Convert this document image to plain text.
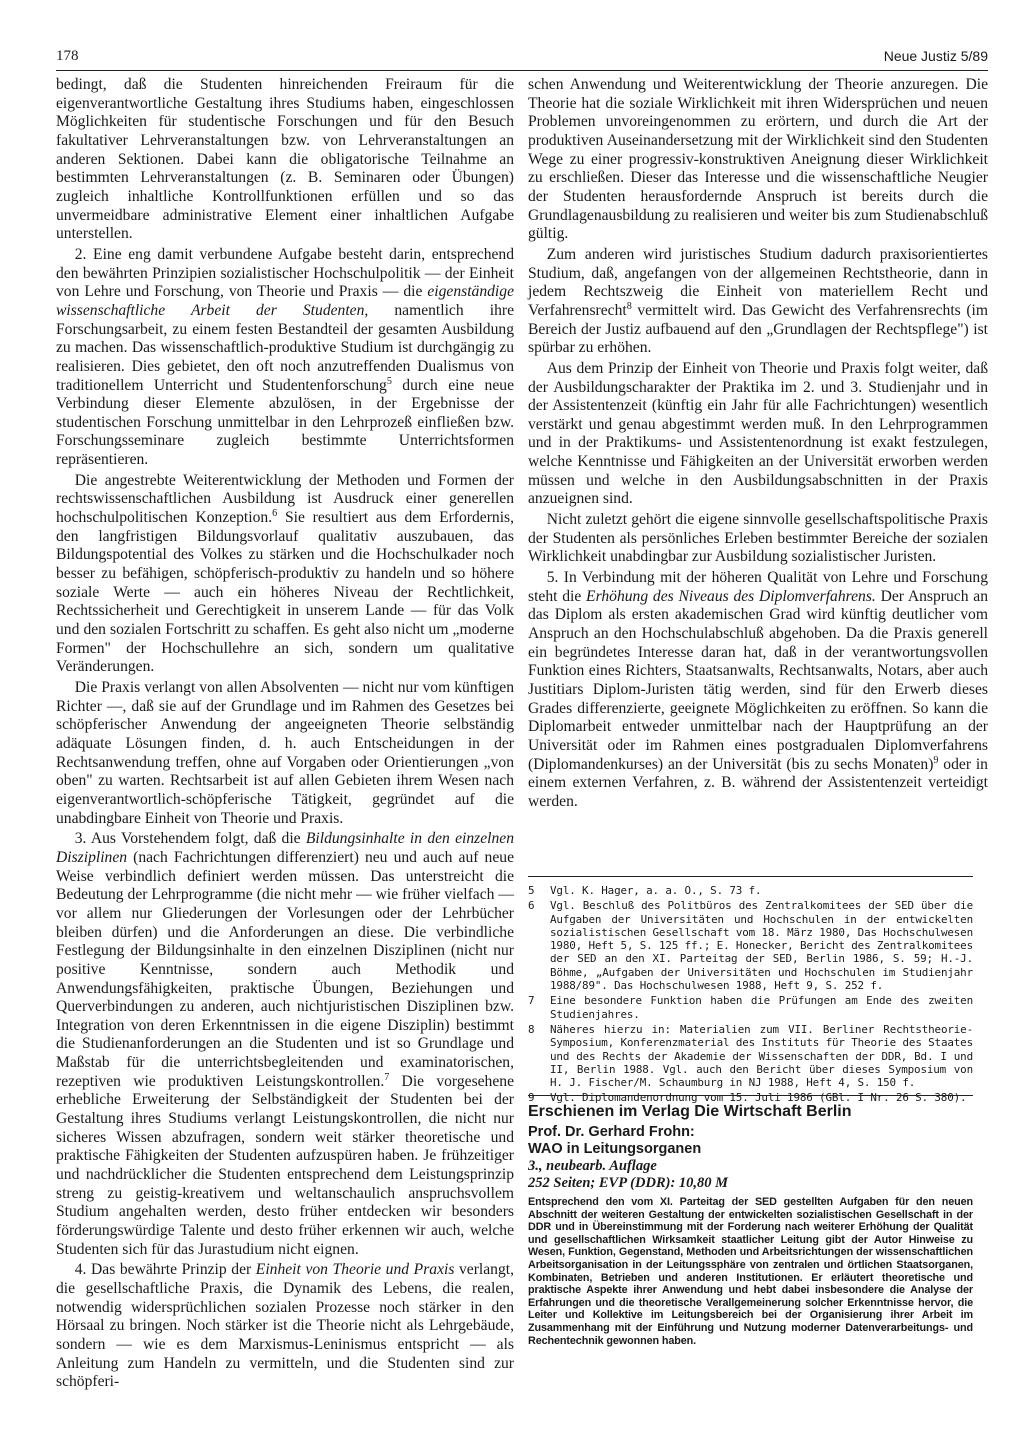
178	Neue Justiz 5/89

bedingt, daß die Studenten hinreichenden Freiraum für die eigenverantwortliche Gestaltung ihres Studiums haben, eingeschlossen Möglichkeiten für studentische Forschungen und für den Besuch fakultativer Lehrveranstaltungen bzw. von Lehrveranstaltungen an anderen Sektionen. Dabei kann die obligatorische Teilnahme an bestimmten Lehrveranstaltungen (z. B. Seminaren oder Übungen) zugleich inhaltliche Kontrollfunktionen erfüllen und so das unvermeidbare administrative Element einer inhaltlichen Aufgabe unterstellen.

2. Eine eng damit verbundene Aufgabe besteht darin, entsprechend den bewährten Prinzipien sozialistischer Hochschulpolitik — der Einheit von Lehre und Forschung, von Theorie und Praxis — die eigenständige wissenschaftliche Arbeit der Studenten, namentlich ihre Forschungsarbeit, zu einem festen Bestandteil der gesamten Ausbildung zu machen. Das wissenschaftlich-produktive Studium ist durchgängig zu realisieren. Dies gebietet, den oft noch anzutreffenden Dualismus von traditionellem Unterricht und Studentenforschung$^5$ durch eine neue Verbindung dieser Elemente abzulösen, in der Ergebnisse der studentischen Forschung unmittelbar in den Lehrprozeß einfließen bzw. Forschungsseminare zugleich bestimmte Unterrichtsformen repräsentieren.

Die angestrebte Weiterentwicklung der Methoden und Formen der rechtswissenschaftlichen Ausbildung ist Ausdruck einer generellen hochschulpolitischen Konzeption.$^6$ Sie resultiert aus dem Erfordernis, den langfristigen Bildungsvorlauf qualitativ auszubauen, das Bildungspotential des Volkes zu stärken und die Hochschulkader noch besser zu befähigen, schöpferisch-produktiv zu handeln und so höhere soziale Werte — auch ein höheres Niveau der Rechtlichkeit, Rechtssicherheit und Gerechtigkeit in unserem Lande — für das Volk und den sozialen Fortschritt zu schaffen. Es geht also nicht um „moderne Formen" der Hochschullehre an sich, sondern um qualitative Veränderungen.

Die Praxis verlangt von allen Absolventen — nicht nur vom künftigen Richter —, daß sie auf der Grundlage und im Rahmen des Gesetzes bei schöpferischer Anwendung der angeeigneten Theorie selbständig adäquate Lösungen finden, d. h. auch Entscheidungen in der Rechtsanwendung treffen, ohne auf Vorgaben oder Orientierungen „von oben" zu warten. Rechtsarbeit ist auf allen Gebieten ihrem Wesen nach eigenverantwortlich-schöpferische Tätigkeit, gegründet auf die unabdingbare Einheit von Theorie und Praxis.

3. Aus Vorstehendem folgt, daß die Bildungsinhalte in den einzelnen Disziplinen (nach Fachrichtungen differenziert) neu und auch auf neue Weise verbindlich definiert werden müssen. Das unterstreicht die Bedeutung der Lehrprogramme (die nicht mehr — wie früher vielfach — vor allem nur Gliederungen der Vorlesungen oder der Lehrbücher bleiben dürfen) und die Anforderungen an diese. Die verbindliche Festlegung der Bildungsinhalte in den einzelnen Disziplinen (nicht nur positive Kenntnisse, sondern auch Methodik und Anwendungsfähigkeiten, praktische Übungen, Beziehungen und Querverbindungen zu anderen, auch nichtjuristischen Disziplinen bzw. Integration von deren Erkenntnissen in die eigene Disziplin) bestimmt die Studienanforderungen an die Studenten und ist so Grundlage und Maßstab für die unterrichtsbegleitenden und examinatorischen, rezeptiven wie produktiven Leistungskontrollen.$^7$ Die vorgesehene erhebliche Erweiterung der Selbständigkeit der Studenten bei der Gestaltung ihres Studiums verlangt Leistungskontrollen, die nicht nur sicheres Wissen abzufragen, sondern weit stärker theoretische und praktische Fähigkeiten der Studenten aufzuspüren haben. Je frühzeitiger und nachdrücklicher die Studenten entsprechend dem Leistungsprinzip streng zu geistig-kreativem und weltanschaulich anspruchsvollem Studium angehalten werden, desto früher entdecken wir besonders förderungswürdige Talente und desto früher erkennen wir auch, welche Studenten sich für das Jurastudium nicht eignen.

4. Das bewährte Prinzip der Einheit von Theorie und Praxis verlangt, die gesellschaftliche Praxis, die Dynamik des Lebens, die realen, notwendig widersprüchlichen sozialen Prozesse noch stärker in den Hörsaal zu bringen. Noch stärker ist die Theorie nicht als Lehrgebäude, sondern — wie es dem Marxismus-Leninismus entspricht — als Anleitung zum Handeln zu vermitteln, und die Studenten sind zur schöpferi-

schen Anwendung und Weiterentwicklung der Theorie anzuregen. Die Theorie hat die soziale Wirklichkeit mit ihren Widersprüchen und neuen Problemen unvoreingenommen zu erörtern, und durch die Art der produktiven Auseinandersetzung mit der Wirklichkeit sind den Studenten Wege zu einer progressiv-konstruktiven Aneignung dieser Wirklichkeit zu erschließen. Dieser das Interesse und die wissenschaftliche Neugier der Studenten herausfordernde Anspruch ist bereits durch die Grundlagenausbildung zu realisieren und weiter bis zum Studienabschluß gültig.

Zum anderen wird juristisches Studium dadurch praxisorientiertes Studium, daß, angefangen von der allgemeinen Rechtstheorie, dann in jedem Rechtszweig die Einheit von materiellem Recht und Verfahrensrecht$^8$ vermittelt wird. Das Gewicht des Verfahrensrechts (im Bereich der Justiz aufbauend auf den „Grundlagen der Rechtspflege") ist spürbar zu erhöhen.

Aus dem Prinzip der Einheit von Theorie und Praxis folgt weiter, daß der Ausbildungscharakter der Praktika im 2. und 3. Studienjahr und in der Assistentenzeit (künftig ein Jahr für alle Fachrichtungen) wesentlich verstärkt und genau abgestimmt werden muß. In den Lehrprogrammen und in der Praktikums- und Assistentenordnung ist exakt festzulegen, welche Kenntnisse und Fähigkeiten an der Universität erworben werden müssen und welche in den Ausbildungsabschnitten in der Praxis anzueignen sind.

Nicht zuletzt gehört die eigene sinnvolle gesellschaftspolitische Praxis der Studenten als persönliches Erleben bestimmter Bereiche der sozialen Wirklichkeit unabdingbar zur Ausbildung sozialistischer Juristen.

5. In Verbindung mit der höheren Qualität von Lehre und Forschung steht die Erhöhung des Niveaus des Diplomverfahrens. Der Anspruch an das Diplom als ersten akademischen Grad wird künftig deutlicher vom Anspruch an den Hochschulabschluß abgehoben. Da die Praxis generell ein begründetes Interesse daran hat, daß in der verantwortungsvollen Funktion eines Richters, Staatsanwalts, Rechtsanwalts, Notars, aber auch Justitiars Diplom-Juristen tätig werden, sind für den Erwerb dieses Grades differenzierte, geeignete Möglichkeiten zu eröffnen. So kann die Diplomarbeit entweder unmittelbar nach der Hauptprüfung an der Universität oder im Rahmen eines postgradualen Diplomverfahrens (Diplomandenkurses) an der Universität (bis zu sechs Monaten)$^9$ oder in einem externen Verfahren, z. B. während der Assistentenzeit verteidigt werden.

5	Vgl. K. Hager, a. a. O., S. 73 f.
6	Vgl. Beschluß des Politbüros des Zentralkomitees der SED über die Aufgaben der Universitäten und Hochschulen in der entwickelten sozialistischen Gesellschaft vom 18. März 1980, Das Hochschulwesen 1980, Heft 5, S. 125 ff.; E. Honecker, Bericht des Zentralkomitees der SED an den XI. Parteitag der SED, Berlin 1986, S. 59; H.-J. Böhme, „Aufgaben der Universitäten und Hochschulen im Studienjahr 1988/89". Das Hochschulwesen 1988, Heft 9, S. 252 f.
7	Eine besondere Funktion haben die Prüfungen am Ende des zweiten Studienjahres.
8	Näheres hierzu in: Materialien zum VII. Berliner Rechtstheorie-Symposium, Konferenzmaterial des Instituts für Theorie des Staates und des Rechts der Akademie der Wissenschaften der DDR, Bd. I und II, Berlin 1988. Vgl. auch den Bericht über dieses Symposium von H. J. Fischer/M. Schaumburg in NJ 1988, Heft 4, S. 150 f.
9	Vgl. Diplomandenordnung vom 15. Juli 1986 (GBl. I Nr. 26 S. 380).
Erschienen im Verlag Die Wirtschaft Berlin
Prof. Dr. Gerhard Frohn:
WAO in Leitungsorganen
3., neubearb. Auflage
252 Seiten; EVP (DDR): 10,80 M
Entsprechend den vom XI. Parteitag der SED gestellten Aufgaben für den neuen Abschnitt der weiteren Gestaltung der entwickelten sozialistischen Gesellschaft in der DDR und in Übereinstimmung mit der Forderung nach weiterer Erhöhung der Qualität und gesellschaftlichen Wirksamkeit staatlicher Leitung gibt der Autor Hinweise zu Wesen, Funktion, Gegenstand, Methoden und Arbeitsrichtungen der wissenschaftlichen Arbeitsorganisation in der Leitungssphäre von zentralen und örtlichen Staatsorganen, Kombinaten, Betrieben und anderen Institutionen. Er erläutert theoretische und praktische Aspekte ihrer Anwendung und hebt dabei insbesondere die Analyse der Erfahrungen und die theoretische Verallgemeinerung solcher Erkenntnisse hervor, die Leiter und Kollektive im Leitungsbereich bei der Organisierung ihrer Arbeit im Zusammenhang mit der Einführung und Nutzung moderner Datenverarbeitungs- und Rechentechnik gewonnen haben.
